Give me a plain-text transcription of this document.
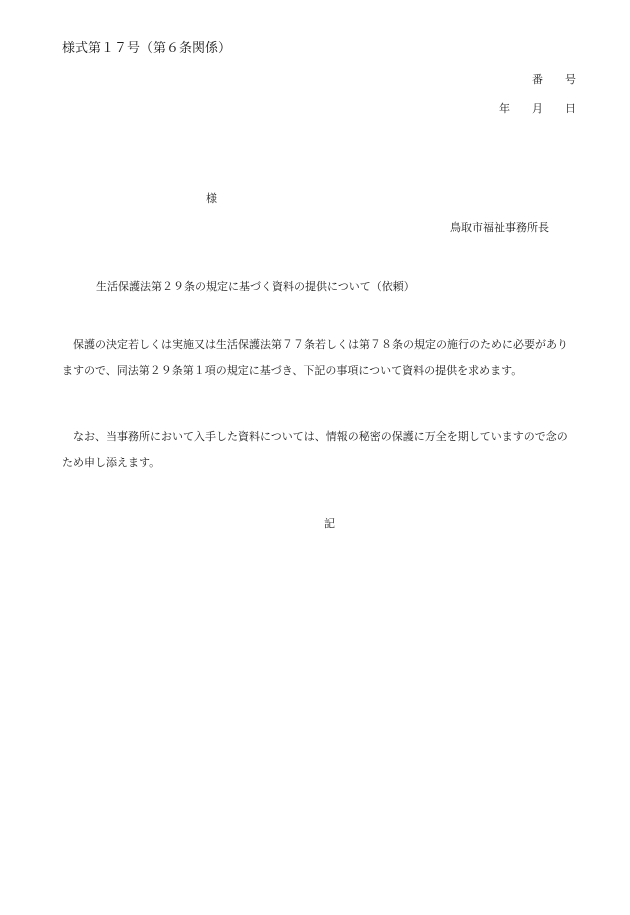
様式第１７号（第６条関係）
番　　号
年　　月　　日
様
鳥取市福祉事務所長
生活保護法第２９条の規定に基づく資料の提供について（依頼）

保護の決定若しくは実施又は生活保護法第７７条若しくは第７８条の規定の施行のために必要がありますので、同法第２９条第１項の規定に基づき、下記の事項について資料の提供を求めます。

なお、当事務所において入手した資料については、情報の秘密の保護に万全を期していますので念のため申し添えます。

記
